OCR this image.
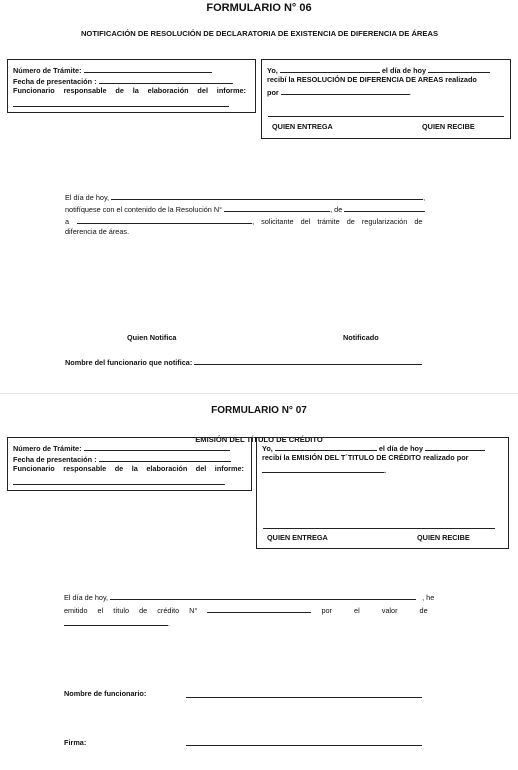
FORMULARIO N° 06
NOTIFICACIÓN DE RESOLUCIÓN DE DECLARATORIA DE EXISTENCIA DE DIFERENCIA DE ÁREAS
Número de Trámite:
Fecha de presentación :
Funcionario responsable de la elaboración del informe:
Yo,	el día de hoy
recibí la RESOLUCIÓN DE DIFERENCIA DE AREAS realizado
por	.
QUIEN ENTREGA	QUIEN RECIBE
El día de hoy,	,
notifíquese con el contenido de la Resolución N°	, de
a	, solicitante del trámite de regularización de
diferencia de áreas.
Quien Notifica	Notificado
Nombre del funcionario que notifica:
FORMULARIO N° 07
EMISIÓN DEL TÍTULO DE CRÉDITO
Número de Trámite:
Fecha de presentación :
Funcionario responsable de la elaboración del informe:
Yo,	el día de hoy
recibí la EMISIÓN DEL T´TITULO DE CRÉDITO realizado por
.
QUIEN ENTREGA	QUIEN RECIBE
El día de hoy,	, he
emitido el título de crédito N°	por el valor de
.
Nombre de funcionario:
Firma:
